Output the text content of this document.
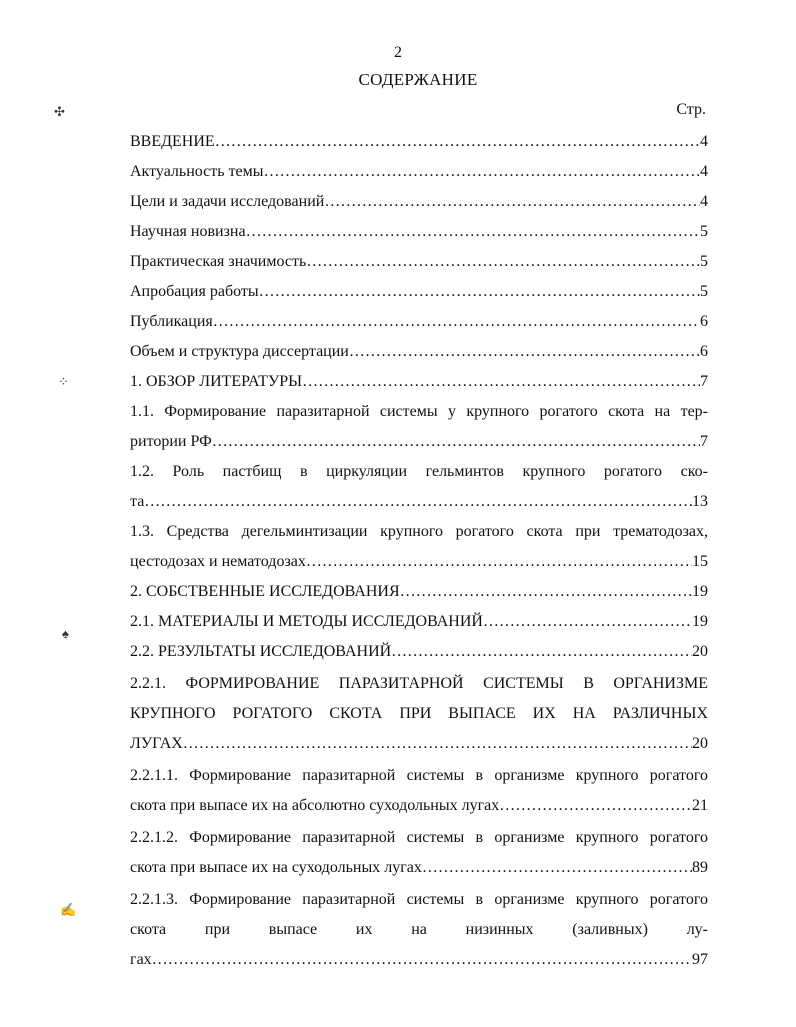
2
СОДЕРЖАНИЕ
Стр.
ВВЕДЕНИЕ ……………………………………………………………………………………………………………………………………………………	4
Актуальность темы ……………………………………………………………………………………………………………………………………………………	4
Цели и задачи исследований ……………………………………………………………………………………………………………………………………………………	4
Научная новизна ……………………………………………………………………………………………………………………………………………………	5
Практическая значимость ……………………………………………………………………………………………………………………………………………………	5
Апробация работы ……………………………………………………………………………………………………………………………………………………	5
Публикация ……………………………………………………………………………………………………………………………………………………	6
Объем и структура диссертации ……………………………………………………………………………………………………………………………………………………	6
1. ОБЗОР ЛИТЕРАТУРЫ ……………………………………………………………………………………………………………………………………………………	7
1.1. Формирование паразитарной системы у крупного рогатого скота на тер-
ритории РФ ……………………………………………………………………………………………………………………………………………………	7
1.2. Роль пастбищ в циркуляции гельминтов крупного рогатого ско-
та ……………………………………………………………………………………………………………………………………………………	13
1.3. Средства дегельминтизации крупного рогатого скота при трематодозах,
цестодозах и нематодозах ……………………………………………………………………………………………………………………………………………………	15
2. СОБСТВЕННЫЕ ИССЛЕДОВАНИЯ ……………………………………………………………………………………………………………………………………………………	19
2.1. МАТЕРИАЛЫ И МЕТОДЫ ИССЛЕДОВАНИЙ ……………………………………………………………………………………………………………………………………………………	19
2.2. РЕЗУЛЬТАТЫ ИССЛЕДОВАНИЙ ……………………………………………………………………………………………………………………………………………………	20
2.2.1. ФОРМИРОВАНИЕ ПАРАЗИТАРНОЙ СИСТЕМЫ В ОРГАНИЗМЕ
КРУПНОГО РОГАТОГО СКОТА ПРИ ВЫПАСЕ ИХ НА РАЗЛИЧНЫХ
ЛУГАХ ……………………………………………………………………………………………………………………………………………………	20
2.2.1.1. Формирование паразитарной системы в организме крупного рогатого
скота при выпасе их на абсолютно суходольных лугах ……………………………………………………………………………………………………………………………………………………	21
2.2.1.2. Формирование паразитарной системы в организме крупного рогатого
скота при выпасе их на суходольных лугах ……………………………………………………………………………………………………………………………………………………	89
2.2.1.3. Формирование паразитарной системы в организме крупного рогатого
скота при выпасе их на низинных (заливных) лу-
гах ……………………………………………………………………………………………………………………………………………………	97
✣
⁘
♠
✍
